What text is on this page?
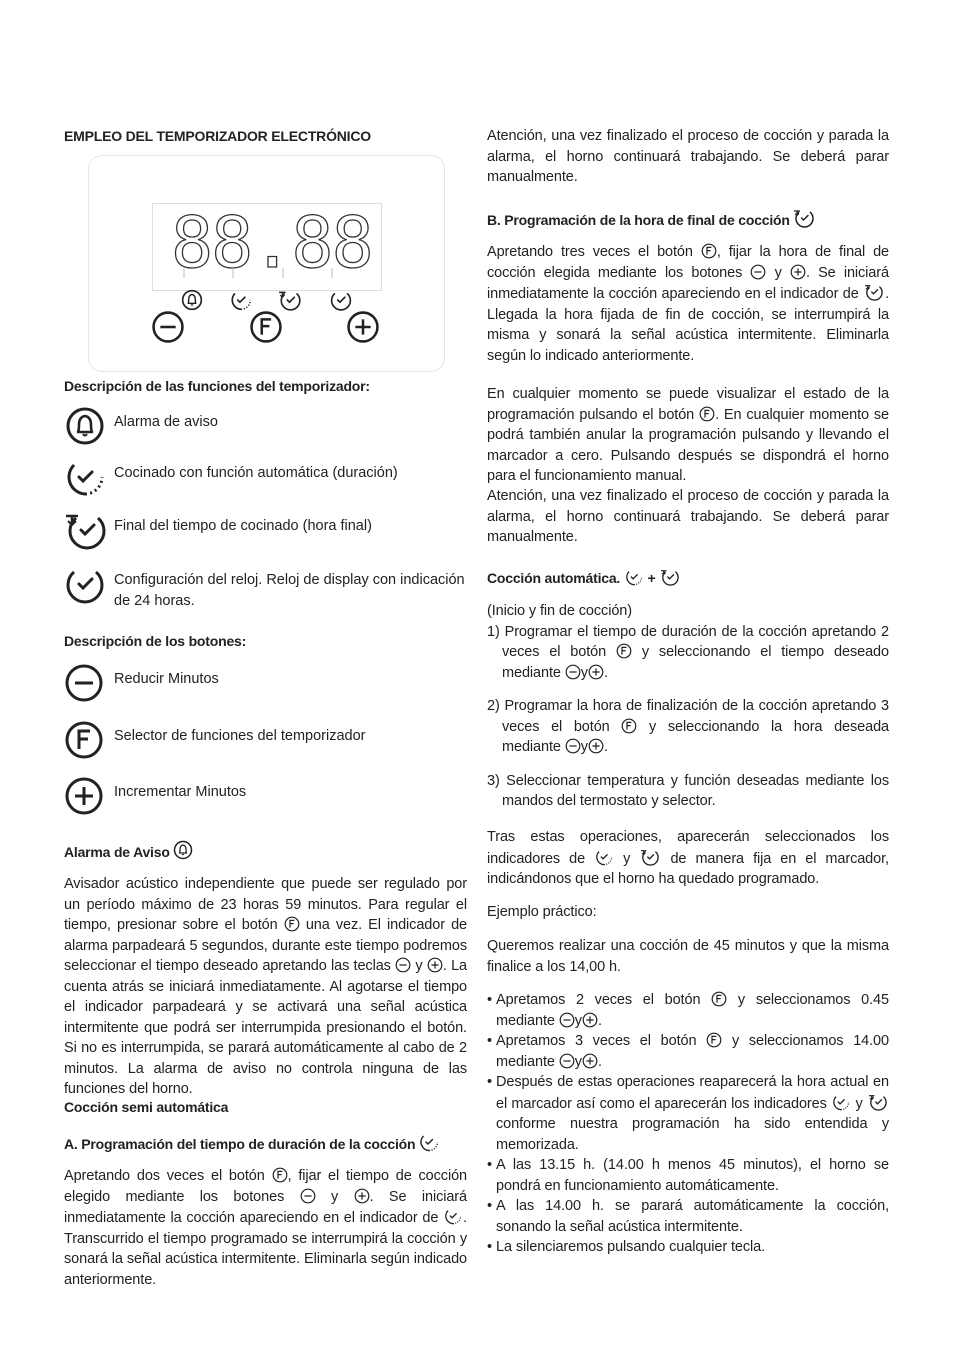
EMPLEO DEL TEMPORIZADOR ELECTRÓNICO
88.88
Descripción de las funciones del temporizador:
Alarma de aviso
Cocinado con función automática (duración)
Final del tiempo de cocinado (hora final)
Configuración del reloj. Reloj de display con indicación de 24 horas.
Descripción de los botones:
Reducir Minutos
Selector de funciones del temporizador
Incrementar Minutos
Alarma de Aviso
Avisador acústico independiente que puede ser regulado por un período máximo de 23 horas 59 minutos. Para regular el tiempo, presionar sobre el botón una vez. El indicador de alarma parpadeará 5 segundos, durante este tiempo podremos seleccionar el tiempo deseado apretando las teclas y . La cuenta atrás se iniciará inmediatamente. Al agotarse el tiempo el indicador parpadeará y se activará una señal acústica intermitente que podrá ser interrumpida presionando el botón. Si no es interrumpida, se parará automáticamente al cabo de 2 minutos. La alarma de aviso no controla ninguna de las funciones del horno.
Cocción semi automática
A. Programación del tiempo de duración de la cocción
Apretando dos veces el botón , fijar el tiempo de cocción elegido mediante los botones	y . Se iniciará inmediatamente la cocción apareciendo en el indicador de . Transcurrido el tiempo programado se interrumpirá la cocción y sonará la señal acústica intermitente. Eliminarla según indicado anteriormente.
Atención, una vez finalizado el proceso de cocción y parada la alarma, el horno continuará trabajando. Se deberá parar manualmente.
B. Programación de la hora de final de cocción
Apretando tres veces el botón , fijar la hora de final de cocción elegida mediante los botones y . Se iniciará inmediatamente la cocción apareciendo en el indicador de . Llegada la hora fijada de fin de cocción, se interrumpirá la misma y sonará la señal acústica intermitente. Eliminarla según lo indicado anteriormente.
En cualquier momento se puede visualizar el estado de la programación pulsando el botón . En cualquier momento se podrá también anular la programación pulsando y llevando el marcador a cero. Pulsando después se dispondrá el horno para el funcionamiento manual.
Atención, una vez finalizado el proceso de cocción y parada la alarma, el horno continuará trabajando. Se deberá parar manualmente.
Cocción automática. +
(Inicio y fin de cocción)
1) Programar el tiempo de duración de la cocción apretando 2 veces el botón y seleccionando el tiempo deseado mediante y .
2) Programar la hora de finalización de la cocción apretando 3 veces el botón	y seleccionando la hora deseada mediante y .
3) Seleccionar temperatura y función deseadas mediante los mandos del termostato y selector.
Tras estas operaciones, aparecerán seleccionados los indicadores de	y	de manera fija en el marcador, indicándonos que el horno ha quedado programado.
Ejemplo práctico:
Queremos realizar una cocción de 45 minutos y que la misma finalice a los 14,00 h.
• Apretamos 2 veces el botón	y seleccionamos 0.45 mediante y .
• Apretamos 3 veces el botón y seleccionamos 14.00 mediante y .
• Después de estas operaciones reaparecerá la hora actual en el marcador así como el aparecerán los indicadores y conforme nuestra programación ha sido entendida y memorizada.
• A las 13.15 h. (14.00 h menos 45 minutos), el horno se pondrá en funcionamiento automáticamente.
• A las 14.00 h. se parará automáticamente la cocción, sonando la señal acústica intermitente.
• La silenciaremos pulsando cualquier tecla.
